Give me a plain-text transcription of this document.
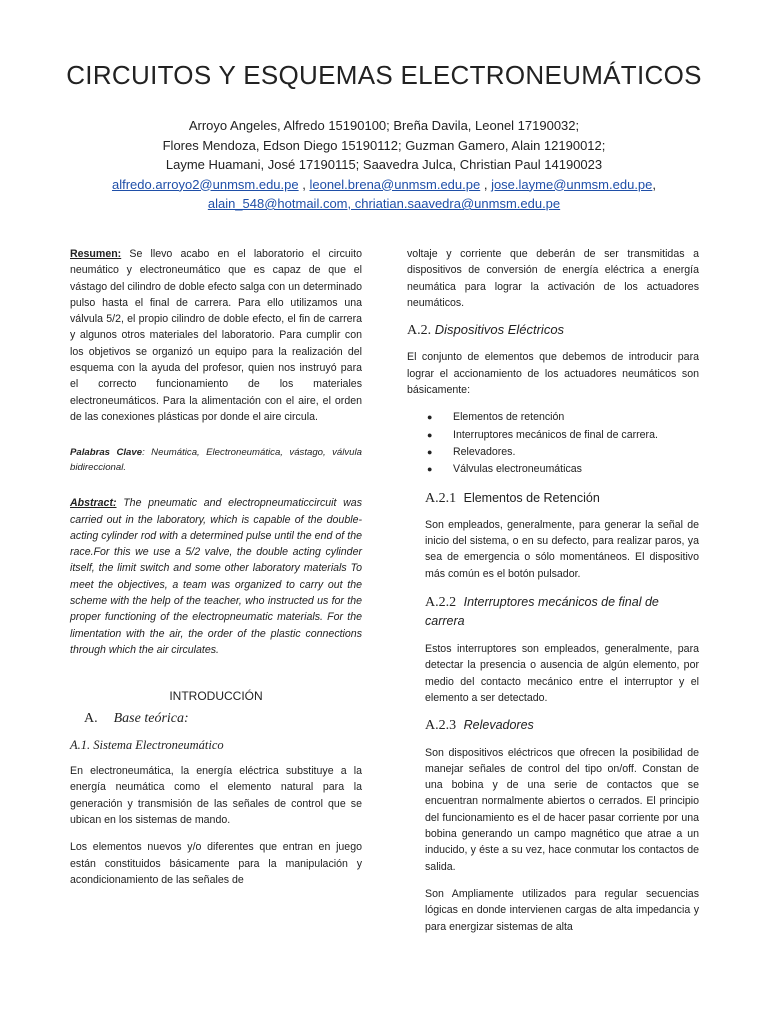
CIRCUITOS Y ESQUEMAS ELECTRONEUMÁTICOS
Arroyo Angeles, Alfredo 15190100; Breña Davila, Leonel 17190032;
Flores Mendoza, Edson Diego 15190112; Guzman Gamero, Alain 12190012;
Layme Huamani, José 17190115; Saavedra Julca, Christian Paul 14190023
alfredo.arroyo2@unmsm.edu.pe , leonel.brena@unmsm.edu.pe , jose.layme@unmsm.edu.pe,
alain_548@hotmail.com, chriatian.saavedra@unmsm.edu.pe

Resumen: Se llevo acabo en el laboratorio el circuito neumático y electroneumático que es capaz de que el vástago del cilindro de doble efecto salga con un determinado pulso hasta el final de carrera. Para ello utilizamos una válvula 5/2, el propio cilindro de doble efecto, el fin de carrera y algunos otros materiales del laboratorio. Para cumplir con los objetivos se organizó un equipo para la realización del esquema con la ayuda del profesor, quien nos instruyó para el correcto funcionamiento de los materiales electroneumáticos. Para la alimentación con el aire, el orden de las conexiones plásticas por donde el aire circula.

Palabras Clave: Neumática, Electroneumática, vástago, válvula bidireccional.

Abstract: The pneumatic and electropneumaticcircuit was carried out in the laboratory, which is capable of the double-acting cylinder rod with a determined pulse until the end of the race.For this we use a 5/2 valve, the double acting cylinder itself, the limit switch and some other laboratory materials To meet the objectives, a team was organized to carry out the scheme with the help of the teacher, who instructed us for the proper functioning of the electropneumatic materials. For the limentation with the air, the order of the plastic connections through which the air circulates.

INTRODUCCIÓN
A. Base teórica:
A.1. Sistema Electroneumático

En electroneumática, la energía eléctrica substituye a la energía neumática como el elemento natural para la generación y transmisión de las señales de control que se ubican en los sistemas de mando.

Los elementos nuevos y/o diferentes que entran en juego están constituidos básicamente para la manipulación y acondicionamiento de las señales de

voltaje y corriente que deberán de ser transmitidas a dispositivos de conversión de energía eléctrica a energía neumática para lograr la activación de los actuadores neumáticos.

A.2. Dispositivos Eléctricos

El conjunto de elementos que debemos de introducir para lograr el accionamiento de los actuadores neumáticos son básicamente:

● Elementos de retención
● Interruptores mecánicos de final de carrera.
● Relevadores.
● Válvulas electroneumáticas
A.2.1 Elementos de Retención

Son empleados, generalmente, para generar la señal de inicio del sistema, o en su defecto, para realizar paros, ya sea de emergencia o sólo momentáneos. El dispositivo más común es el botón pulsador.

A.2.2 Interruptores mecánicos de final de carrera

Estos interruptores son empleados, generalmente, para detectar la presencia o ausencia de algún elemento, por medio del contacto mecánico entre el interruptor y el elemento a ser detectado.

A.2.3 Relevadores

Son dispositivos eléctricos que ofrecen la posibilidad de manejar señales de control del tipo on/off. Constan de una bobina y de una serie de contactos que se encuentran normalmente abiertos o cerrados. El principio del funcionamiento es el de hacer pasar corriente por una bobina generando un campo magnético que atrae a un inducido, y éste a su vez, hace conmutar los contactos de salida.

Son Ampliamente utilizados para regular secuencias lógicas en donde intervienen cargas de alta impedancia y para energizar sistemas de alta
